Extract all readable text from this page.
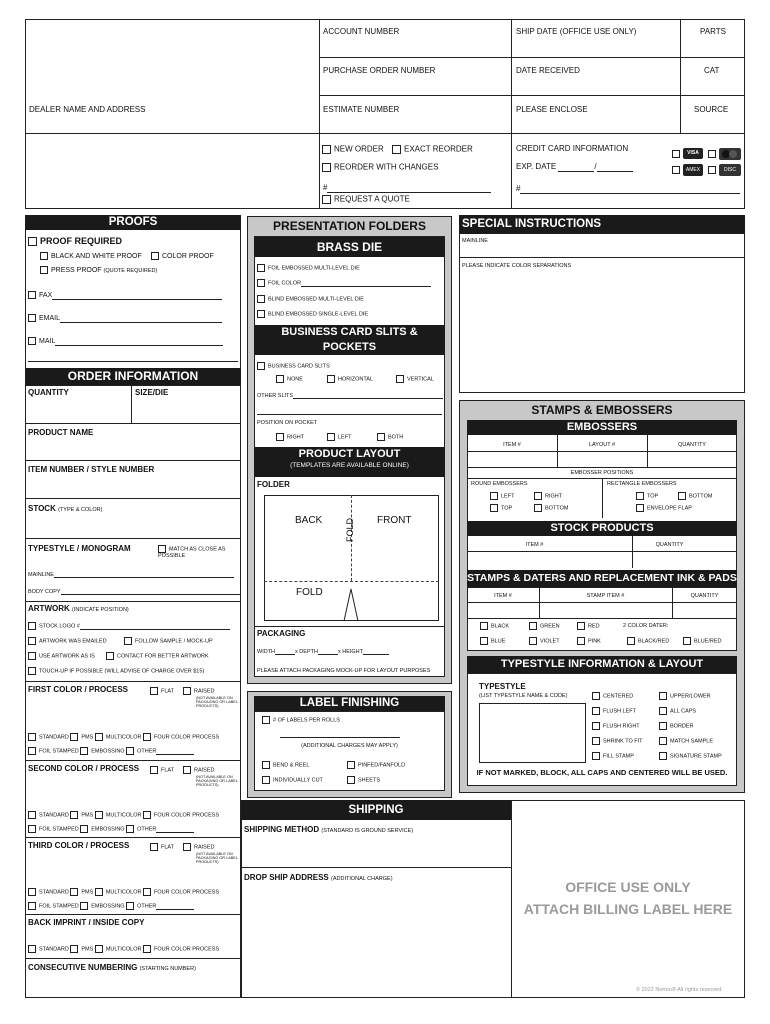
ACCOUNT NUMBER	SHIP DATE (OFFICE USE ONLY)	PARTS
PURCHASE ORDER NUMBER	DATE RECEIVED	CAT
DEALER NAME AND ADDRESS	ESTIMATE NUMBER	PLEASE ENCLOSE	SOURCE
NEW ORDER	EXACT REORDER
REORDER WITH CHANGES
#
REQUEST A QUOTE
CREDIT CARD INFORMATION
EXP. DATE	/
#
VISA
AMEX	DISC
PROOFS
PROOF REQUIRED
BLACK AND WHITE PROOF	COLOR PROOF
PRESS PROOF (QUOTE REQUIRED)
FAX
EMAIL
MAIL
ORDER INFORMATION
QUANTITY	SIZE/DIE
PRODUCT NAME
ITEM NUMBER / STYLE NUMBER
STOCK (TYPE & COLOR)
TYPESTYLE / MONOGRAM	MATCH AS CLOSE AS POSSIBLE
MAINLINE
BODY COPY
ARTWORK (INDICATE POSITION)
STOCK LOGO #
ARTWORK WAS EMAILED	FOLLOW SAMPLE / MOCK-UP
USE ARTWORK AS IS	CONTACT FOR BETTER ARTWORK
TOUCH-UP IF POSSIBLE (WILL ADVISE OF CHARGE OVER $15)
FIRST COLOR / PROCESS	FLAT	RAISED
(NOT AVAILABLE ON PACKAGING OR LABEL PRODUCTS)
STANDARD PMS MULTICOLOR FOUR COLOR PROCESS
FOIL STAMPED EMBOSSING OTHER
SECOND COLOR / PROCESS	FLAT	RAISED
(NOT AVAILABLE ON PACKAGING OR LABEL PRODUCTS)
STANDARD PMS MULTICOLOR FOUR COLOR PROCESS
FOIL STAMPED EMBOSSING OTHER
THIRD COLOR / PROCESS	FLAT	RAISED
(NOT AVAILABLE ON PACKAGING OR LABEL PRODUCTS)
STANDARD PMS MULTICOLOR FOUR COLOR PROCESS
FOIL STAMPED EMBOSSING OTHER
BACK IMPRINT / INSIDE COPY
STANDARD PMS MULTICOLOR FOUR COLOR PROCESS
CONSECUTIVE NUMBERING (STARTING NUMBER)
PRESENTATION FOLDERS
BRASS DIE
FOIL EMBOSSED MULTI-LEVEL DIE
FOIL COLOR
BLIND EMBOSSED MULTI-LEVEL DIE
BLIND EMBOSSED SINGLE-LEVEL DIE
BUSINESS CARD SLITS & POCKETS
(FOLDERS ONLY)
BUSINESS CARD SLITS
NONE	HORIZONTAL	VERTICAL
OTHER SLITS
POSITION ON POCKET
RIGHT	LEFT	BOTH
PRODUCT LAYOUT
(TEMPLATES ARE AVAILABLE ONLINE)
FOLDER
BACK	FRONT
FOLD
FOLD
PACKAGING
WIDTH	x DEPTH	x HEIGHT
PLEASE ATTACH PACKAGING MOCK-UP FOR LAYOUT PURPOSES
LABEL FINISHING
# OF LABELS PER ROLLS
(ADDITIONAL CHARGES MAY APPLY)
BEND & REEL	PINFED/FANFOLD
INDIVIDUALLY CUT	SHEETS
SPECIAL INSTRUCTIONS
MAINLINE
PLEASE INDICATE COLOR SEPARATIONS
STAMPS & EMBOSSERS
EMBOSSERS
ITEM #	LAYOUT #	QUANTITY
EMBOSSER POSITIONS
ROUND EMBOSSERS
LEFT	RIGHT
TOP	BOTTOM
RECTANGLE EMBOSSERS
TOP	BOTTOM
ENVELOPE FLAP
STOCK PRODUCTS
ITEM #	QUANTITY
STAMPS & DATERS AND REPLACEMENT INK & PADS
ITEM #	STAMP ITEM #	QUANTITY
BLACK	GREEN	RED	2 COLOR DATER:
BLUE	VIOLET	PINK	BLACK/RED	BLUE/RED
TYPESTYLE INFORMATION & LAYOUT
TYPESTYLE
(LIST TYPESTYLE NAME & CODE)	CENTERED	UPPER/LOWER
FLUSH LEFT	ALL CAPS
FLUSH RIGHT	BORDER
SHRINK TO FIT	MATCH SAMPLE
FILL STAMP	SIGNATURE STAMP
IF NOT MARKED, BLOCK, ALL CAPS AND CENTERED WILL BE USED.
SHIPPING
SHIPPING METHOD (STANDARD IS GROUND SERVICE)
DROP SHIP ADDRESS (ADDITIONAL CHARGE)	OFFICE USE ONLY
ATTACH BILLING LABEL HERE
© 2022 Norton® All rights reserved.
